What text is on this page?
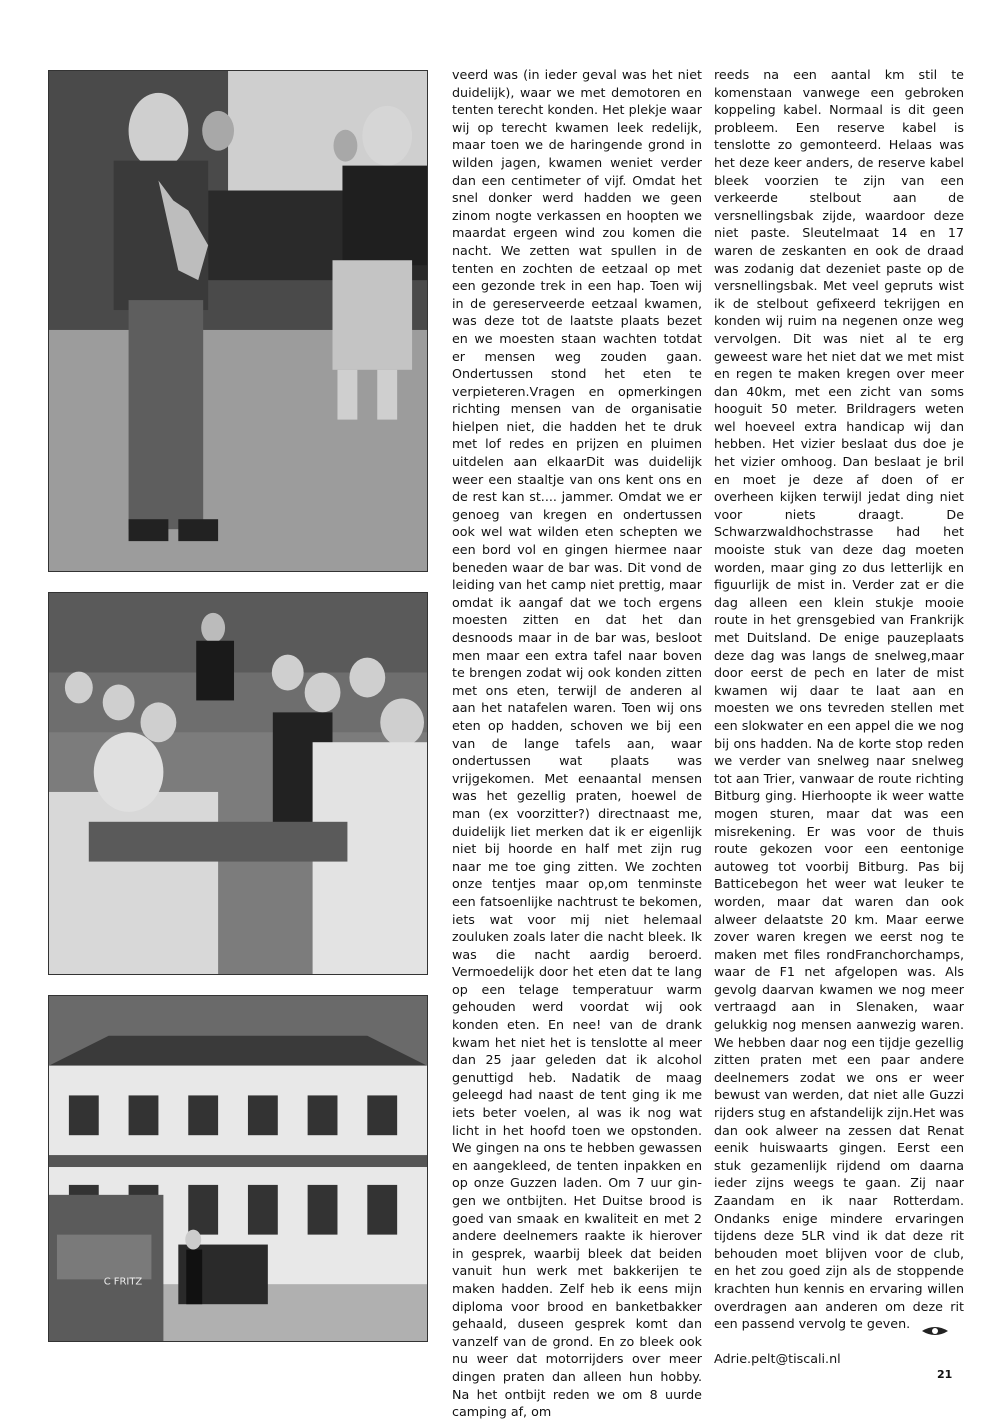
C FRITZ

veerd was (in ieder geval was het niet duidelijk), waar we met demotoren en tenten terecht konden. Het plekje waar wij op terecht kwamen leek redelijk, maar toen we de haringende grond in wilden jagen, kwamen weniet verder dan een centimeter of vijf. Omdat het snel donker werd hadden we geen zinom nogte verkassen en hoopten we maardat ergeen wind zou komen die nacht. We zetten wat spullen in de tenten en zochten de eetzaal op met een gezonde trek in een hap. Toen wij in de gereserveerde eetzaal kwamen, was deze tot de laatste plaats bezet en we moesten staan wachten totdat er mensen weg zouden gaan. Ondertussen stond het eten te verpieteren.Vragen en opmerkingen richting mensen van de organisatie hielpen niet, die hadden het te druk met lof redes en prijzen en pluimen uitdelen aan elkaarDit was duidelijk weer een staaltje van ons kent ons en de rest kan st.... jammer. Omdat we er genoeg van kregen en ondertussen ook wel wat wilden eten schepten we een bord vol en gingen hiermee naar beneden waar de bar was. Dit vond de leiding van het camp niet prettig, maar omdat ik aangaf dat we toch ergens moesten zitten en dat het dan desnoods maar in de bar was, besloot men maar een extra tafel naar boven te brengen zodat wij ook konden zitten met ons eten, terwijl de anderen al aan het natafelen waren. Toen wij ons eten op hadden, schoven we bij een van de lange tafels aan, waar ondertussen wat plaats was vrijgekomen. Met eenaantal mensen was het gezellig praten, hoewel de man (ex voorzitter?) directnaast me, duidelijk liet merken dat ik er eigenlijk niet bij hoorde en half met zijn rug naar me toe ging zitten. We zochten onze tentjes maar op,om tenminste een fatsoenlijke nachtrust te bekomen, iets wat voor mij niet helemaal zouluken zoals later die nacht bleek. Ik was die nacht aardig beroerd. Vermoedelijk door het eten dat te lang op een telage temperatuur warm gehouden werd voordat wij ook konden eten. En nee! van de drank kwam het niet het is tenslotte al meer dan 25 jaar geleden dat ik alcohol genuttigd heb. Nadatik de maag geleegd had naast de tent ging ik me iets beter voelen, al was ik nog wat licht in het hoofd toen we opstonden. We gingen na ons te hebben gewassen en aangekleed, de tenten inpakken en op onze Guzzen laden. Om 7 uur gin-gen we ontbijten. Het Duitse brood is goed van smaak en kwaliteit en met 2 andere deelnemers raakte ik hierover in gesprek, waarbij bleek dat beiden vanuit hun werk met bakkerijen te maken hadden. Zelf heb ik eens mijn diploma voor brood en banketbakker gehaald, duseen gesprek komt dan vanzelf van de grond. En zo bleek ook nu weer dat motorrijders over meer dingen praten dan alleen hun hobby. Na het ontbijt reden we om 8 uurde camping af, om

reeds na een aantal km stil te komenstaan vanwege een gebroken koppeling kabel. Normaal is dit geen probleem. Een reserve kabel is tenslotte zo gemonteerd. Helaas was het deze keer anders, de reserve kabel bleek voorzien te zijn van een verkeerde stelbout aan de versnellingsbak zijde, waardoor deze niet paste. Sleutelmaat 14 en 17 waren de zeskanten en ook de draad was zodanig dat dezeniet paste op de versnellingsbak. Met veel gepruts wist ik de stelbout gefixeerd tekrijgen en konden wij ruim na negenen onze weg vervolgen. Dit was niet al te erg geweest ware het niet dat we met mist en regen te maken kregen over meer dan 40km, met een zicht van soms hooguit 50 meter. Brildragers weten wel hoeveel extra handicap wij dan hebben. Het vizier beslaat dus doe je het vizier omhoog. Dan beslaat je bril en moet je deze af doen of er overheen kijken terwijl jedat ding niet voor niets draagt. De Schwarzwaldhochstrasse had het mooiste stuk van deze dag moeten worden, maar ging zo dus letterlijk en figuurlijk de mist in. Verder zat er die dag alleen een klein stukje mooie route in het grensgebied van Frankrijk met Duitsland. De enige pauzeplaats deze dag was langs de snelweg,maar door eerst de pech en later de mist kwamen wij daar te laat aan en moesten we ons tevreden stellen met een slokwater en een appel die we nog bij ons hadden. Na de korte stop reden we verder van snelweg naar snelweg tot aan Trier, vanwaar de route richting Bitburg ging. Hierhoopte ik weer watte mogen sturen, maar dat was een misrekening. Er was voor de thuis route gekozen voor een eentonige autoweg tot voorbij Bitburg. Pas bij Batticebegon het weer wat leuker te worden, maar dat waren dan ook alweer delaatste 20 km. Maar eerwe zover waren kregen we eerst nog te maken met files rondFranchorchamps, waar de F1 net afgelopen was. Als gevolg daarvan kwamen we nog meer vertraagd aan in Slenaken, waar gelukkig nog mensen aanwezig waren. We hebben daar nog een tijdje gezellig zitten praten met een paar andere deelnemers zodat we ons er weer bewust van werden, dat niet alle Guzzi rijders stug en afstandelijk zijn.Het was dan ook alweer na zessen dat Renat eenik huiswaarts gingen. Eerst een stuk gezamenlijk rijdend om daarna ieder zijns weegs te gaan. Zij naar Zaandam en ik naar Rotterdam. Ondanks enige mindere ervaringen tijdens deze 5LR vind ik dat deze rit behouden moet blijven voor de club, en het zou goed zijn als de stoppende krachten hun kennis en ervaring willen overdragen aan anderen om deze rit een passend vervolg te geven.

Adrie.pelt@tiscali.nl

21
